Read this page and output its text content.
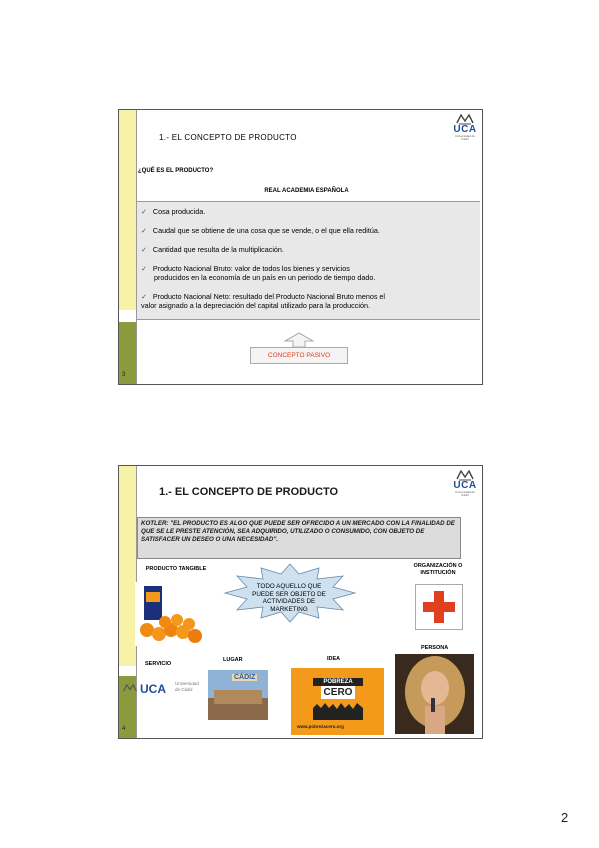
3
UCA
Universidad de Cádiz
1.- EL CONCEPTO DE PRODUCTO
¿QUÉ ES EL PRODUCTO?
REAL ACADEMIA ESPAÑOLA
✓ Cosa producida.
✓ Caudal que se obtiene de una cosa que se vende, o el que ella reditúa.
✓ Cantidad que resulta de la multiplicación.
✓ Producto Nacional Bruto: valor de todos los bienes y servicios
producidos en la economía de un país en un periodo de tiempo dado.
✓ Producto Nacional Neto: resultado del Producto Nacional Bruto menos el
valor asignado a la depreciación del capital utilizado para la producción.
CONCEPTO PASIVO
4
UCA
Universidad de Cádiz
1.- EL CONCEPTO DE PRODUCTO
KOTLER: "EL PRODUCTO ES ALGO QUE PUEDE SER OFRECIDO A UN MERCADO CON LA FINALIDAD DE QUE SE LE PRESTE ATENCIÓN, SEA ADQUIRIDO, UTILIZADO O CONSUMIDO, CON OBJETO DE SATISFACER UN DESEO O UNA NECESIDAD".
PRODUCTO TANGIBLE
TODO AQUELLO QUE PUEDE SER OBJETO DE ACTIVIDADES DE MARKETING
ORGANIZACIÓN O INSTITUCIÓN
SERVICIO
UCA Universidad de Cádiz
LUGAR
CÁDIZ
IDEA
POBREZA
CERO
www.pobrezacero.org
PERSONA
2
